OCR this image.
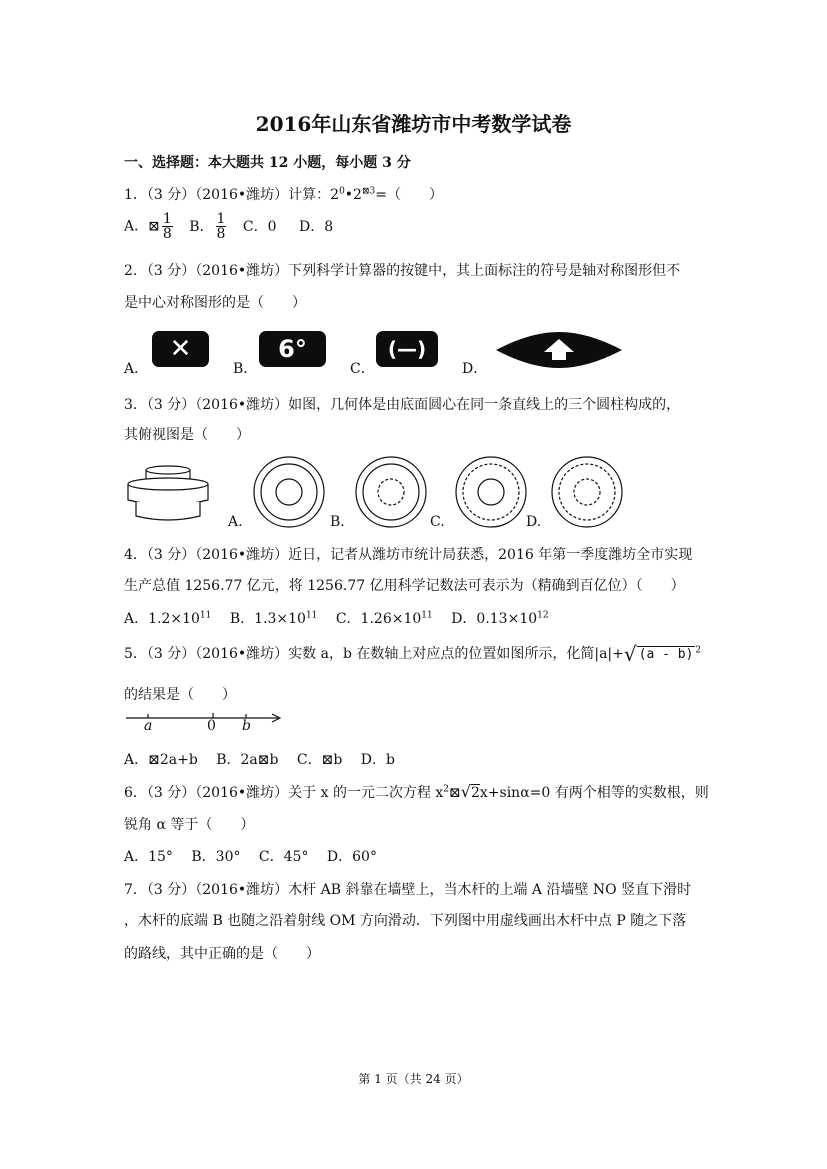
2016年山东省潍坊市中考数学试卷
一、选择题：本大题共 12 小题，每小题 3 分
1．（3 分）（2016•潍坊）计算：$2^0•2^{⊠3}=$（　　）
A．⊠ $\frac{1}{8}$ B． $\frac{1}{8}$ C．0 D．8
2．（3 分）（2016•潍坊）下列科学计算器的按键中，其上面标注的符号是轴对称图形但不
是中心对称图形的是（　　）
A．
✕
B．
6°
C．
(—)
D．
3．（3 分）（2016•潍坊）如图，几何体是由底面圆心在同一条直线上的三个圆柱构成的，
其俯视图是（　　）
A.	B.	C.	D.
4．（3 分）（2016•潍坊）近日，记者从潍坊市统计局获悉，2016 年第一季度潍坊全市实现
生产总值 1256.77 亿元，将 1256.77 亿用科学记数法可表示为（精确到百亿位）（　　）
A．$1.2\times 10^{11}$ B．$1.3\times 10^{11}$ C．$1.26\times 10^{11}$ D．$0.13\times 10^{12}$
5．（3 分）（2016•潍坊）实数 a，b 在数轴上对应点的位置如图所示，化简|a|+√ (a - b) $^2$
的结果是（　　）
a	0 b
A．⊠2a+b　 B．2a⊠b　 C．⊠b　 D．b
6．（3 分）（2016•潍坊）关于 x 的一元二次方程 $x^2⊠√2x+\sin\alpha=0$ 有两个相等的实数根，则
锐角 α 等于（　　）
A．15°　 B．30°　 C．45°　 D．60°
7．（3 分）（2016•潍坊）木杆 AB 斜靠在墙壁上，当木杆的上端 A 沿墙壁 NO 竖直下滑时
，木杆的底端 B 也随之沿着射线 OM 方向滑动．下列图中用虚线画出木杆中点 P 随之下落
的路线，其中正确的是（　　）
第 1 页（共 24 页）
